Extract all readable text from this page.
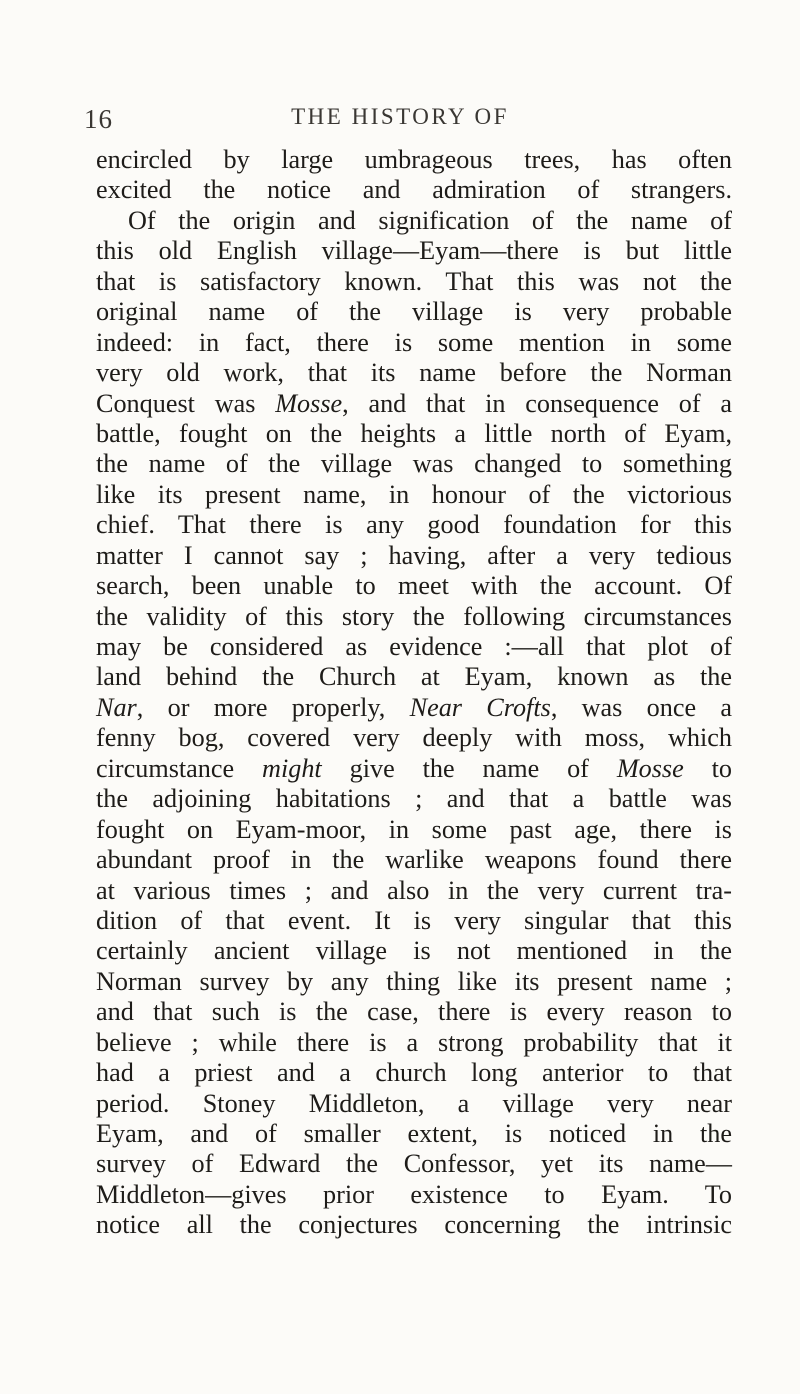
16	THE HISTORY OF
encircled by large umbrageous trees, has often
excited the notice and admiration of strangers.
Of the origin and signification of the name of
this old English village—Eyam—there is but little
that is satisfactory known. That this was not the
original name of the village is very probable
indeed: in fact, there is some mention in some
very old work, that its name before the Norman
Conquest was Mosse, and that in consequence of a
battle, fought on the heights a little north of Eyam,
the name of the village was changed to something
like its present name, in honour of the victorious
chief. That there is any good foundation for this
matter I cannot say ; having, after a very tedious
search, been unable to meet with the account. Of
the validity of this story the following circumstances
may be considered as evidence :—all that plot of
land behind the Church at Eyam, known as the
Nar, or more properly, Near Crofts, was once a
fenny bog, covered very deeply with moss, which
circumstance might give the name of Mosse to
the adjoining habitations ; and that a battle was
fought on Eyam-moor, in some past age, there is
abundant proof in the warlike weapons found there
at various times ; and also in the very current tra-
dition of that event. It is very singular that this
certainly ancient village is not mentioned in the
Norman survey by any thing like its present name ;
and that such is the case, there is every reason to
believe ; while there is a strong probability that it
had a priest and a church long anterior to that
period. Stoney Middleton, a village very near
Eyam, and of smaller extent, is noticed in the
survey of Edward the Confessor, yet its name—
Middleton—gives prior existence to Eyam. To
notice all the conjectures concerning the intrinsic
